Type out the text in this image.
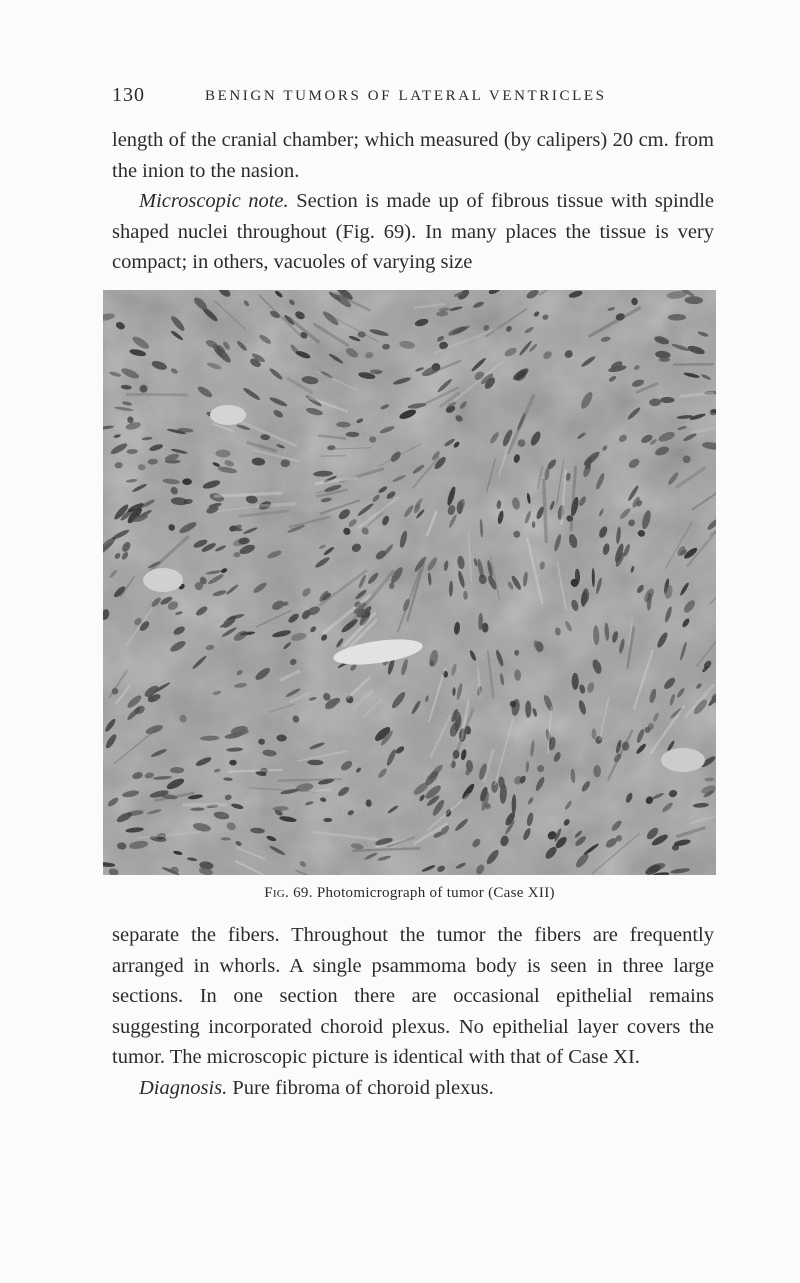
130	BENIGN TUMORS OF LATERAL VENTRICLES

length of the cranial chamber; which measured (by calipers) 20 cm. from the inion to the nasion.

Microscopic note. Section is made up of fibrous tissue with spindle shaped nuclei throughout (Fig. 69). In many places the tissue is very compact; in others, vacuoles of varying size

Fig. 69. Photomicrograph of tumor (Case XII)

separate the fibers. Throughout the tumor the fibers are frequently arranged in whorls. A single psammoma body is seen in three large sections. In one section there are occasional epithelial remains suggesting incorporated choroid plexus. No epithelial layer covers the tumor. The microscopic picture is identical with that of Case XI.

Diagnosis. Pure fibroma of choroid plexus.
